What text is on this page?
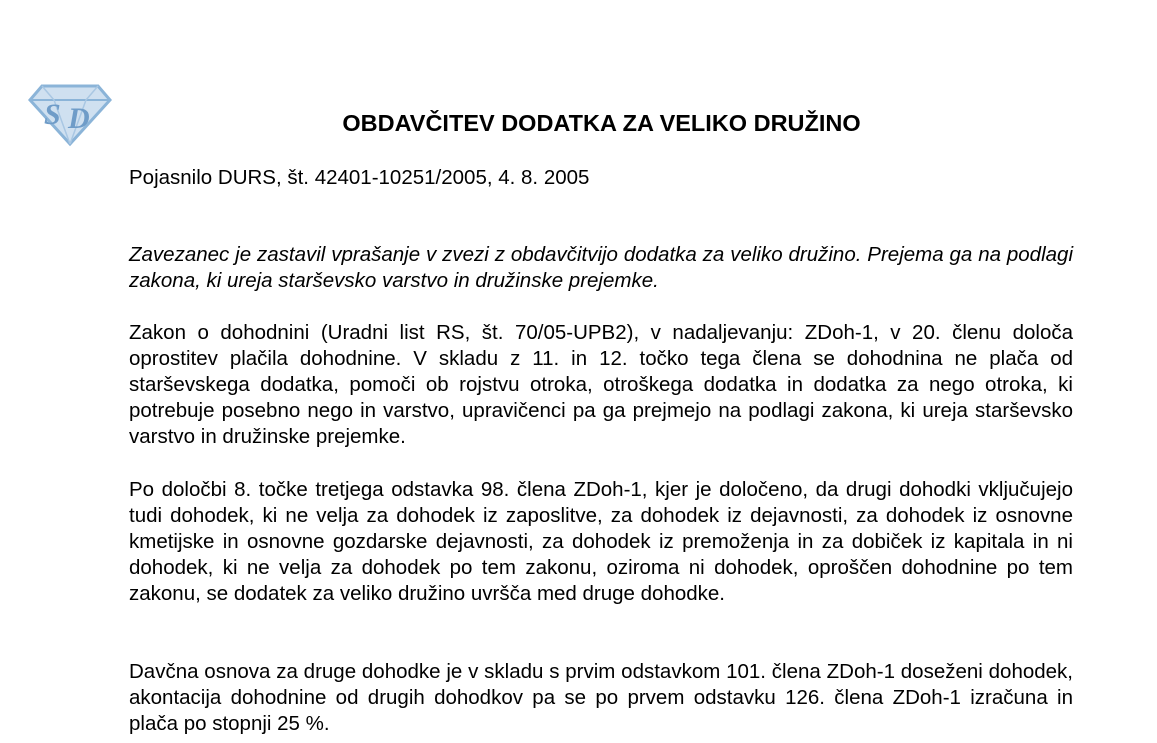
S D	OBDAVČITEV DODATKA ZA VELIKO DRUŽINO

Pojasnilo DURS, št. 42401-10251/2005, 4. 8. 2005

Zavezanec je zastavil vprašanje v zvezi z obdavčitvijo dodatka za veliko družino. Prejema ga na podlagi zakona, ki ureja starševsko varstvo in družinske prejemke.

Zakon o dohodnini (Uradni list RS, št. 70/05-UPB2), v nadaljevanju: ZDoh-1, v 20. členu določa oprostitev plačila dohodnine. V skladu z 11. in 12. točko tega člena se dohodnina ne plača od starševskega dodatka, pomoči ob rojstvu otroka, otroškega dodatka in dodatka za nego otroka, ki potrebuje posebno nego in varstvo, upravičenci pa ga prejmejo na podlagi zakona, ki ureja starševsko varstvo in družinske prejemke.

Po določbi 8. točke tretjega odstavka 98. člena ZDoh-1, kjer je določeno, da drugi dohodki vključujejo tudi dohodek, ki ne velja za dohodek iz zaposlitve, za dohodek iz dejavnosti, za dohodek iz osnovne kmetijske in osnovne gozdarske dejavnosti, za dohodek iz premoženja in za dobiček iz kapitala in ni dohodek, ki ne velja za dohodek po tem zakonu, oziroma ni dohodek, oproščen dohodnine po tem zakonu, se dodatek za veliko družino uvršča med druge dohodke.

Davčna osnova za druge dohodke je v skladu s prvim odstavkom 101. člena ZDoh-1 doseženi dohodek, akontacija dohodnine od drugih dohodkov pa se po prvem odstavku 126. člena ZDoh-1 izračuna in plača po stopnji 25 %.
